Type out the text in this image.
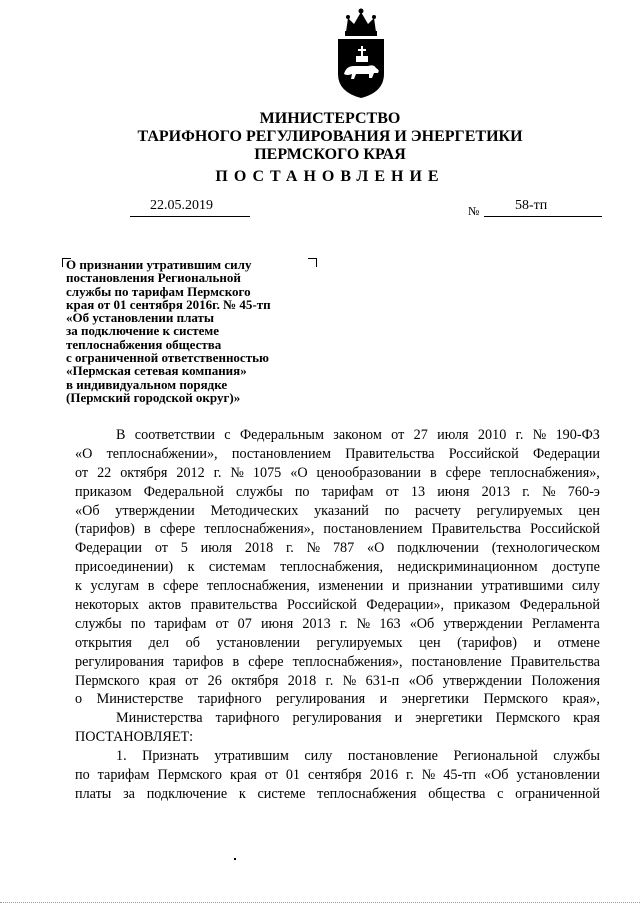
МИНИСТЕРСТВО
ТАРИФНОГО РЕГУЛИРОВАНИЯ И ЭНЕРГЕТИКИ
ПЕРМСКОГО КРАЯ
ПОСТАНОВЛЕНИЕ
22.05.2019	№	58-тп
О признании утратившим силу
постановления Региональной
службы по тарифам Пермского
края от 01 сентября 2016г. № 45-тп
«Об установлении платы
за подключение к системе
теплоснабжения общества
с ограниченной ответственностью
«Пермская сетевая компания»
в индивидуальном порядке
(Пермский городской округ)»
В соответствии с Федеральным законом от 27 июля 2010 г. № 190-ФЗ
«О теплоснабжении», постановлением Правительства Российской Федерации
от 22 октября 2012 г. № 1075 «О ценообразовании в сфере теплоснабжения»,
приказом Федеральной службы по тарифам от 13 июня 2013 г. № 760-э
«Об утверждении Методических указаний по расчету регулируемых цен
(тарифов) в сфере теплоснабжения», постановлением Правительства Российской
Федерации от 5 июля 2018 г. № 787 «О подключении (технологическом
присоединении) к системам теплоснабжения, недискриминационном доступе
к услугам в сфере теплоснабжения, изменении и признании утратившими силу
некоторых актов правительства Российской Федерации», приказом Федеральной
службы по тарифам от 07 июня 2013 г. № 163 «Об утверждении Регламента
открытия дел об установлении регулируемых цен (тарифов) и отмене
регулирования тарифов в сфере теплоснабжения», постановление Правительства
Пермского края от 26 октября 2018 г. № 631-п «Об утверждении Положения
о Министерстве тарифного регулирования и энергетики Пермского края»,
Министерства тарифного регулирования и энергетики Пермского края
ПОСТАНОВЛЯЕТ:
1. Признать утратившим силу постановление Региональной службы
по тарифам Пермского края от 01 сентября 2016 г. № 45-тп «Об установлении
платы за подключение к системе теплоснабжения общества с ограниченной
